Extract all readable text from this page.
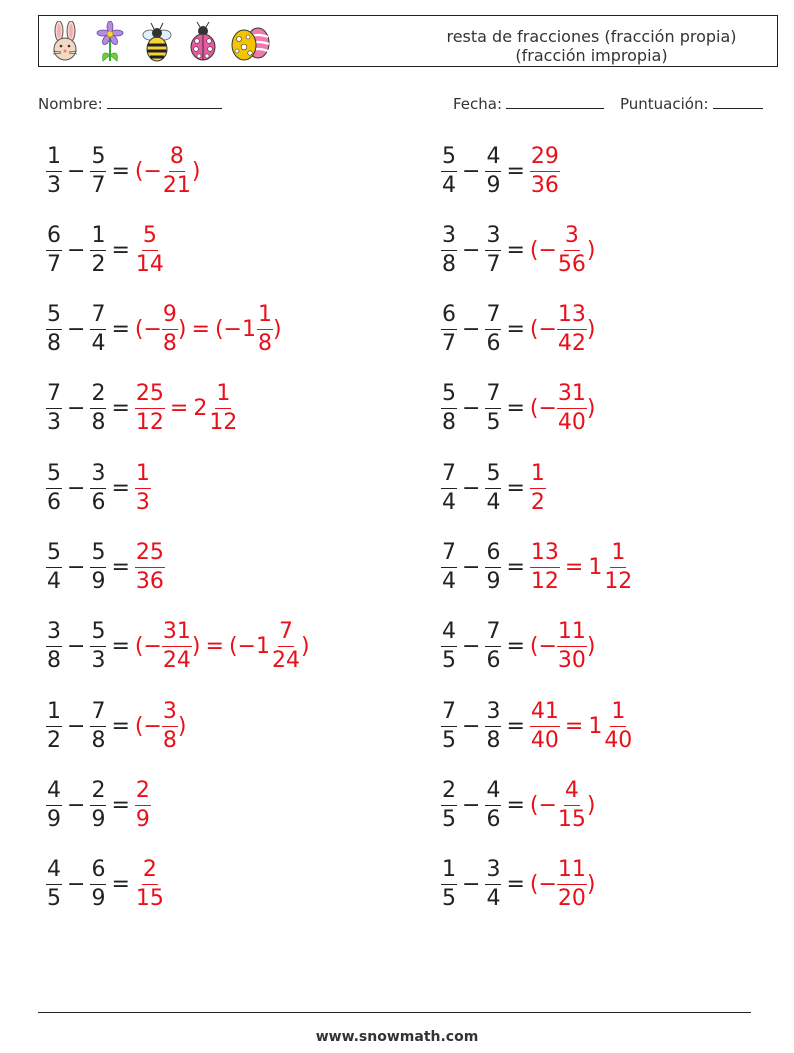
resta de fracciones (fracción propia)
(fracción impropia)
Nombre:	Fecha:	Puntuación:
$\frac{1}{3} - \frac{5}{7}$ = (− $\frac{8}{21}$ )	$\frac{5}{4} - \frac{4}{9} = \frac{29}{36}$
$\frac{6}{7} - \frac{1}{2} = \frac{5}{14}$	$\frac{3}{8} - \frac{3}{7}$ = (− $\frac{3}{56}$ )
$\frac{5}{8} - \frac{7}{4}$ = (− $\frac{9}{8}$ ) = (− $1 \frac{1}{8}$ )	$\frac{6}{7} - \frac{7}{6}$ = (− $\frac{13}{42}$ )
$\frac{7}{3} - \frac{2}{8} = \frac{25}{12} = 2 \frac{1}{12}$	$\frac{5}{8} - \frac{7}{5}$ = (− $\frac{31}{40}$ )
$\frac{5}{6} - \frac{3}{6} = \frac{1}{3}$	$\frac{7}{4} - \frac{5}{4} = \frac{1}{2}$
$\frac{5}{4} - \frac{5}{9} = \frac{25}{36}$	$\frac{7}{4} - \frac{6}{9} = \frac{13}{12} = 1 \frac{1}{12}$
$\frac{3}{8} - \frac{5}{3}$ = (− $\frac{31}{24}$ ) = (− $1 \frac{7}{24}$ )	$\frac{4}{5} - \frac{7}{6}$ = (− $\frac{11}{30}$ )
$\frac{1}{2} - \frac{7}{8}$ = (− $\frac{3}{8}$ )	$\frac{7}{5} - \frac{3}{8} = \frac{41}{40} = 1 \frac{1}{40}$
$\frac{4}{9} - \frac{2}{9} = \frac{2}{9}$	$\frac{2}{5} - \frac{4}{6}$ = (− $\frac{4}{15}$ )
$\frac{4}{5} - \frac{6}{9} = \frac{2}{15}$	$\frac{1}{5} - \frac{3}{4}$ = (− $\frac{11}{20}$ )
www.snowmath.com
